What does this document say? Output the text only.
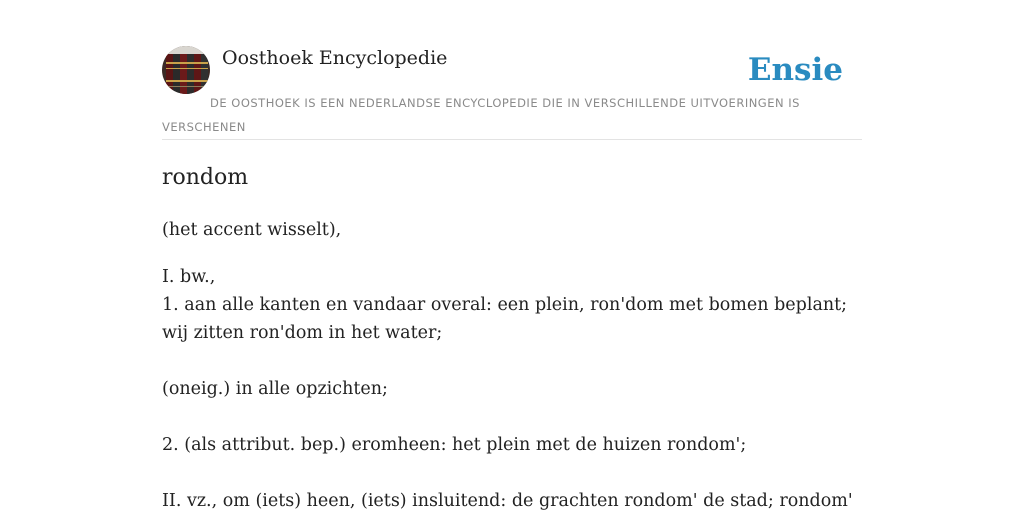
Oosthoek Encyclopedie	Ensie
DE OOSTHOEK IS EEN NEDERLANDSE ENCYCLOPEDIE DIE IN VERSCHILLENDE UITVOERINGEN IS VERSCHENEN
rondom
(het accent wisselt),
I. bw.,
1. aan alle kanten en vandaar overal: een plein, ron'dom met bomen beplant; wij zitten ron'dom in het water;
(oneig.) in alle opzichten;
2. (als attribut. bep.) eromheen: het plein met de huizen rondom';
II. vz., om (iets) heen, (iets) insluitend: de grachten rondom' de stad; rondom'
